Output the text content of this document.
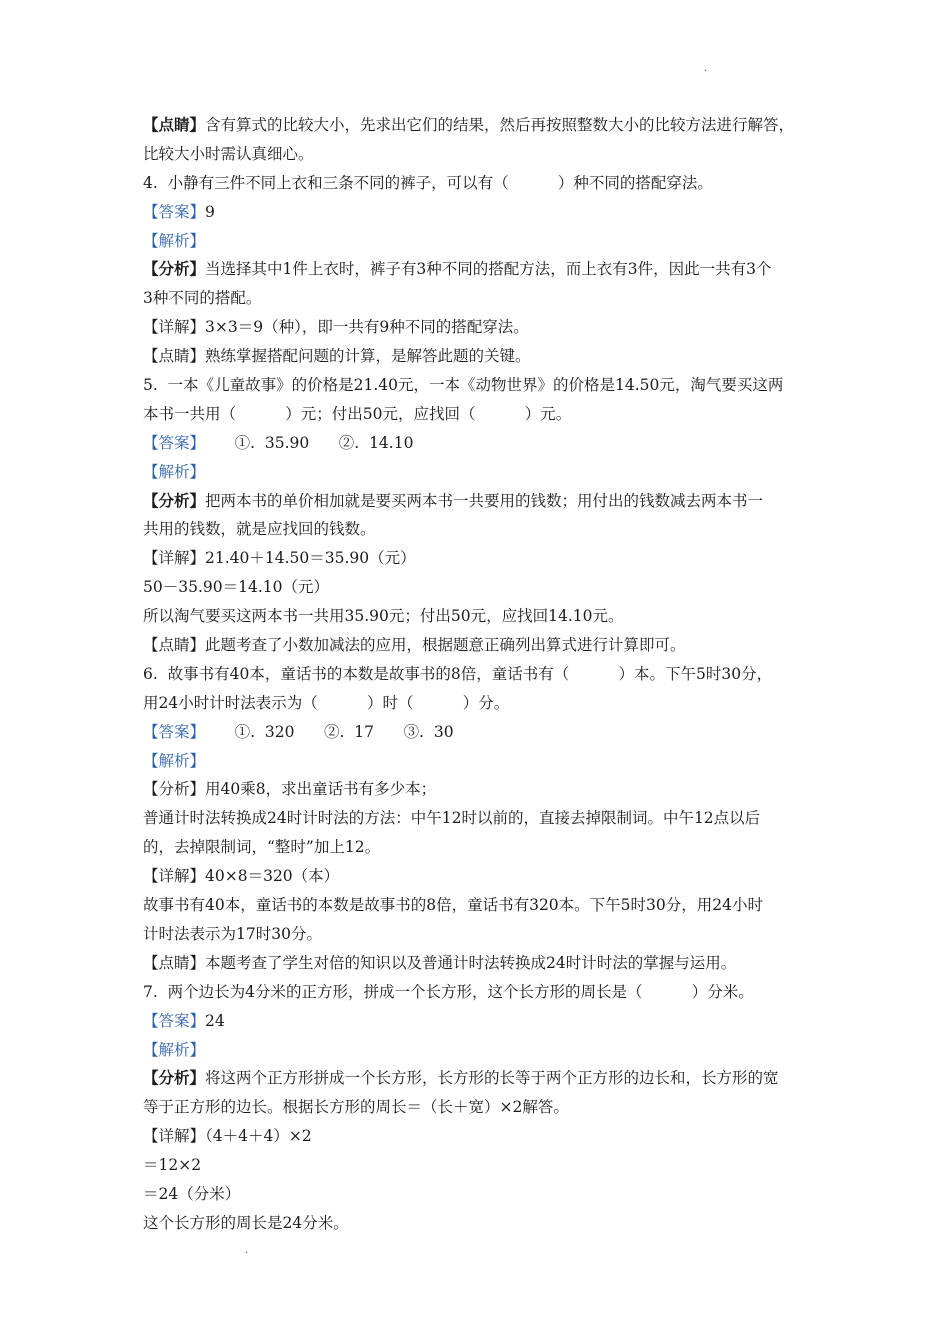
.
【点睛】含有算式的比较大小，先求出它们的结果，然后再按照整数大小的比较方法进行解答，
比较大小时需认真细心。
4.  小静有三件不同上衣和三条不同的裤子，可以有（          ）种不同的搭配穿法。
【答案】9
【解析】
【分析】当选择其中1件上衣时，裤子有3种不同的搭配方法，而上衣有3件，因此一共有3个
3种不同的搭配。
【详解】3×3＝9（种），即一共有9种不同的搭配穿法。
【点睛】熟练掌握搭配问题的计算，是解答此题的关键。
5.  一本《儿童故事》的价格是21.40元，一本《动物世界》的价格是14.50元，淘气要买这两
本书一共用（          ）元；付出50元，应找回（          ）元。
【答案】      ①.  35.90      ②.  14.10
【解析】
【分析】把两本书的单价相加就是要买两本书一共要用的钱数；用付出的钱数减去两本书一
共用的钱数，就是应找回的钱数。
【详解】21.40＋14.50＝35.90（元）
50－35.90＝14.10（元）
所以淘气要买这两本书一共用35.90元；付出50元，应找回14.10元。
【点睛】此题考查了小数加减法的应用，根据题意正确列出算式进行计算即可。
6.  故事书有40本，童话书的本数是故事书的8倍，童话书有（          ）本。下午5时30分，
用24小时计时法表示为（          ）时（          ）分。
【答案】      ①.  320      ②.  17      ③.  30
【解析】
【分析】用40乘8，求出童话书有多少本；
普通计时法转换成24时计时法的方法：中午12时以前的，直接去掉限制词。中午12点以后
的，去掉限制词，“整时”加上12。
【详解】40×8＝320（本）
故事书有40本，童话书的本数是故事书的8倍，童话书有320本。下午5时30分，用24小时
计时法表示为17时30分。
【点睛】本题考查了学生对倍的知识以及普通计时法转换成24时计时法的掌握与运用。
7.  两个边长为4分米的正方形，拼成一个长方形，这个长方形的周长是（          ）分米。
【答案】24
【解析】
【分析】将这两个正方形拼成一个长方形，长方形的长等于两个正方形的边长和，长方形的宽
等于正方形的边长。根据长方形的周长＝（长＋宽）×2解答。
【详解】（4＋4＋4）×2
＝12×2
＝24（分米）
这个长方形的周长是24分米。
.
